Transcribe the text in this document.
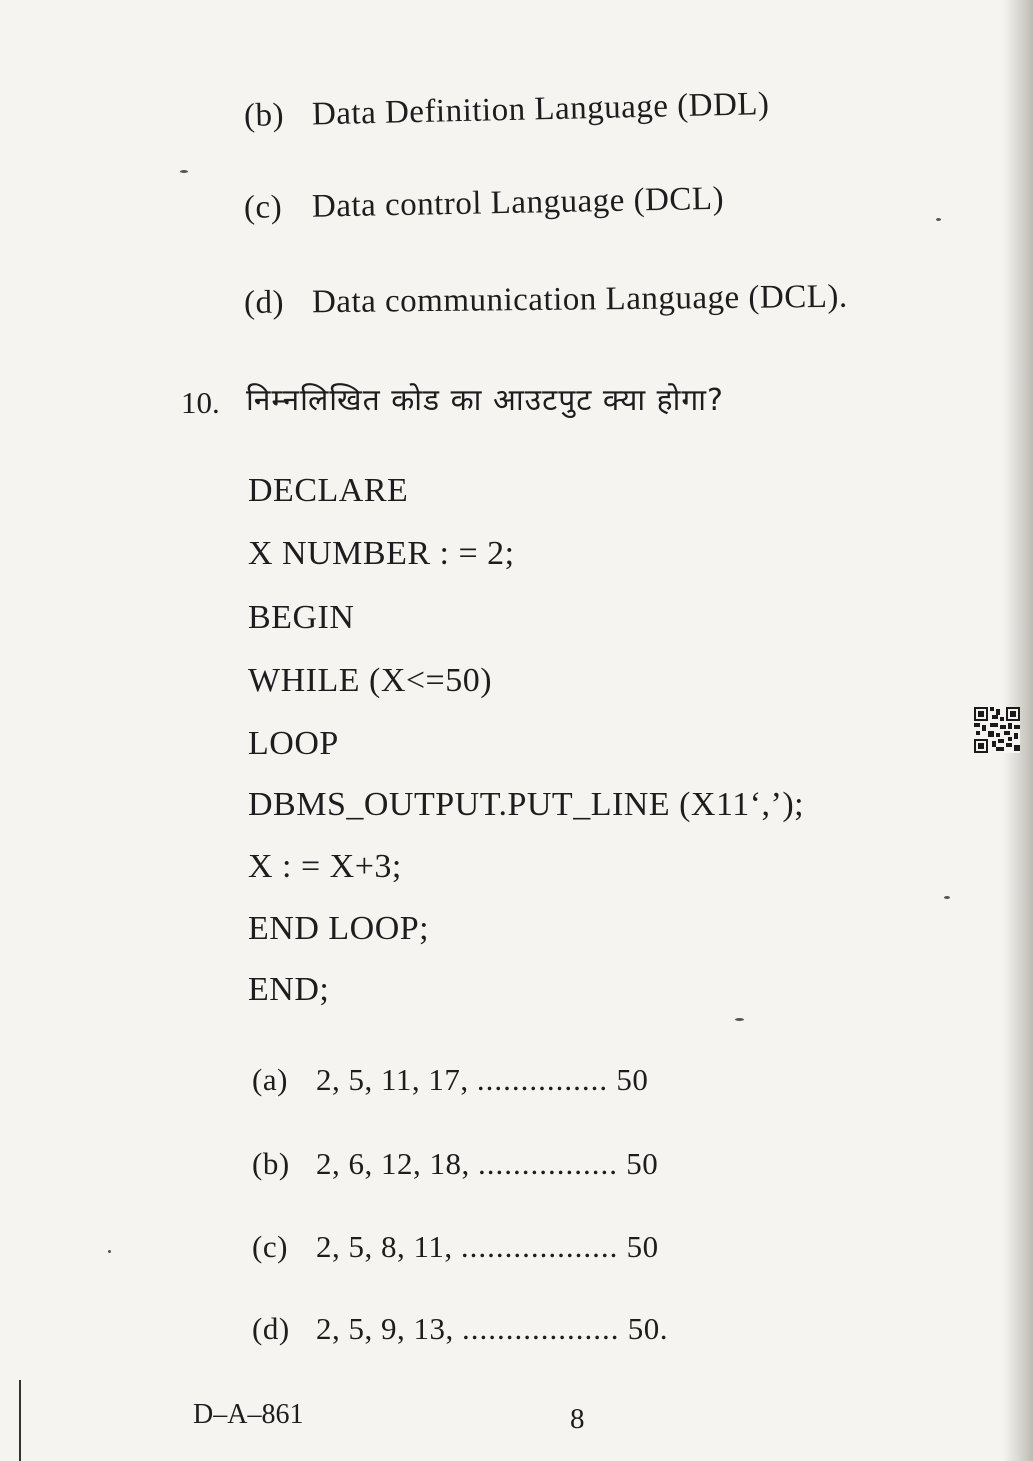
(b) Data Definition Language (DDL)
(c) Data control Language (DCL)
(d) Data communication Language (DCL).
10. निम्नलिखित कोड का आउटपुट क्या होगा?
DECLARE
X NUMBER : = 2;
BEGIN
WHILE (X<=50)
LOOP
DBMS_OUTPUT.PUT_LINE (X11‘,’);
X : = X+3;
END LOOP;
END;
(a) 2, 5, 11, 17, ............... 50
(b) 2, 6, 12, 18, ................ 50
(c) 2, 5, 8, 11, .................. 50
(d) 2, 5, 9, 13, .................. 50.
D–A–861	8
